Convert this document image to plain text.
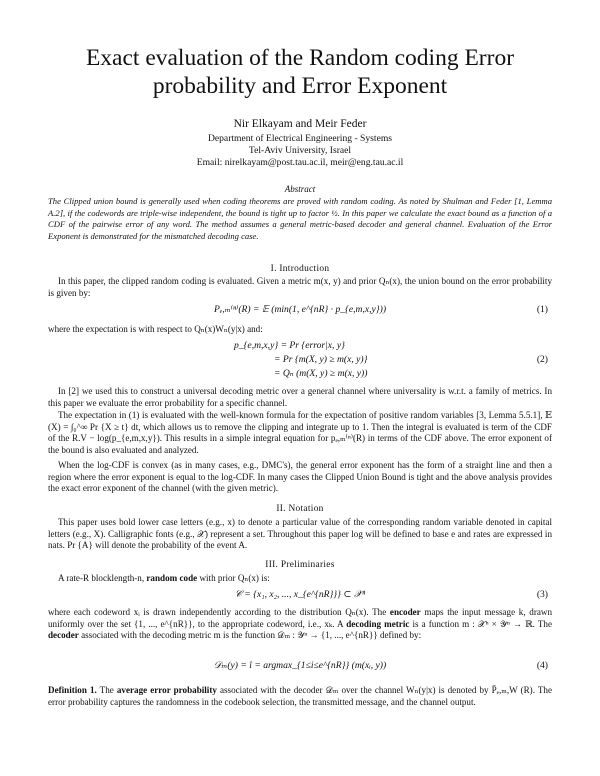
Exact evaluation of the Random coding Error
probability and Error Exponent
Nir Elkayam and Meir Feder
Department of Electrical Engineering - Systems
Tel-Aviv University, Israel
Email: nirelkayam@post.tau.ac.il, meir@eng.tau.ac.il
Abstract
The Clipped union bound is generally used when coding theorems are proved with random coding. As noted by Shulman and Feder [1, Lemma A.2], if the codewords are triple-wise independent, the bound is tight up to factor ½. In this paper we calculate the exact bound as a function of a CDF of the pairwise error of any word. The method assumes a general metric-based decoder and general channel. Evaluation of the Error Exponent is demonstrated for the mismatched decoding case.
I. Introduction
In this paper, the clipped random coding is evaluated. Given a metric m(x, y) and prior Qₙ(x), the union bound on the error probability is given by:
Pₑ,ₘ⁽ⁿ⁾(R) = 𝔼 (min(1, e^{nR} · p_{e,m,x,y}))	(1)
where the expectation is with respect to Qₙ(x)Wₙ(y|x) and:
p_{e,m,x,y} = Pr {error|x, y}
= Pr {m(X, y) ≥ m(x, y)}
= Qₙ (m(X, y) ≥ m(x, y))
(2)
In [2] we used this to construct a universal decoding metric over a general channel where universality is w.r.t. a family of metrics. In this paper we evaluate the error probability for a specific channel.
The expectation in (1) is evaluated with the well-known formula for the expectation of positive random variables [3, Lemma 5.5.1], 𝔼 (X) = ∫₀^∞ Pr {X ≥ t} dt, which allows us to remove the clipping and integrate up to 1. Then the integral is evaluated is term of the CDF of the R.V − log(p_{e,m,x,y}). This results in a simple integral equation for pₑ,ₘ⁽ⁿ⁾(R) in terms of the CDF above. The error exponent of the bound is also evaluated and analyzed.
When the log-CDF is convex (as in many cases, e.g., DMC's), the general error exponent has the form of a straight line and then a region where the error exponent is equal to the log-CDF. In many cases the Clipped Union Bound is tight and the above analysis provides the exact error exponent of the channel (with the given metric).
II. Notation
This paper uses bold lower case letters (e.g., x) to denote a particular value of the corresponding random variable denoted in capital letters (e.g., X). Calligraphic fonts (e.g., 𝒳) represent a set. Throughout this paper log will be defined to base e and rates are expressed in nats. Pr {A} will denote the probability of the event A.
III. Preliminaries
A rate-R blocklength-n, random code with prior Qₙ(x) is:
𝒞 = {x₁, x₂, ..., x_{e^{nR}}} ⊂ 𝒳ⁿ	(3)
where each codeword xᵢ is drawn independently according to the distribution Qₙ(x). The encoder maps the input message k, drawn uniformly over the set {1, ..., e^{nR}}, to the appropriate codeword, i.e., xₖ. A decoding metric is a function m : 𝒳ⁿ × 𝒴ⁿ → ℝ. The decoder associated with the decoding metric m is the function 𝒟ₘ : 𝒴ⁿ → {1, ..., e^{nR}} defined by:
𝒟ₘ(y) = î = argmax_{1≤i≤e^{nR}} (m(xᵢ, y))	(4)
Definition 1. The average error probability associated with the decoder 𝒟ₘ over the channel Wₙ(y|x) is denoted by P̄ₑ,ₘ,W (R). The error probability captures the randomness in the codebook selection, the transmitted message, and the channel output.
